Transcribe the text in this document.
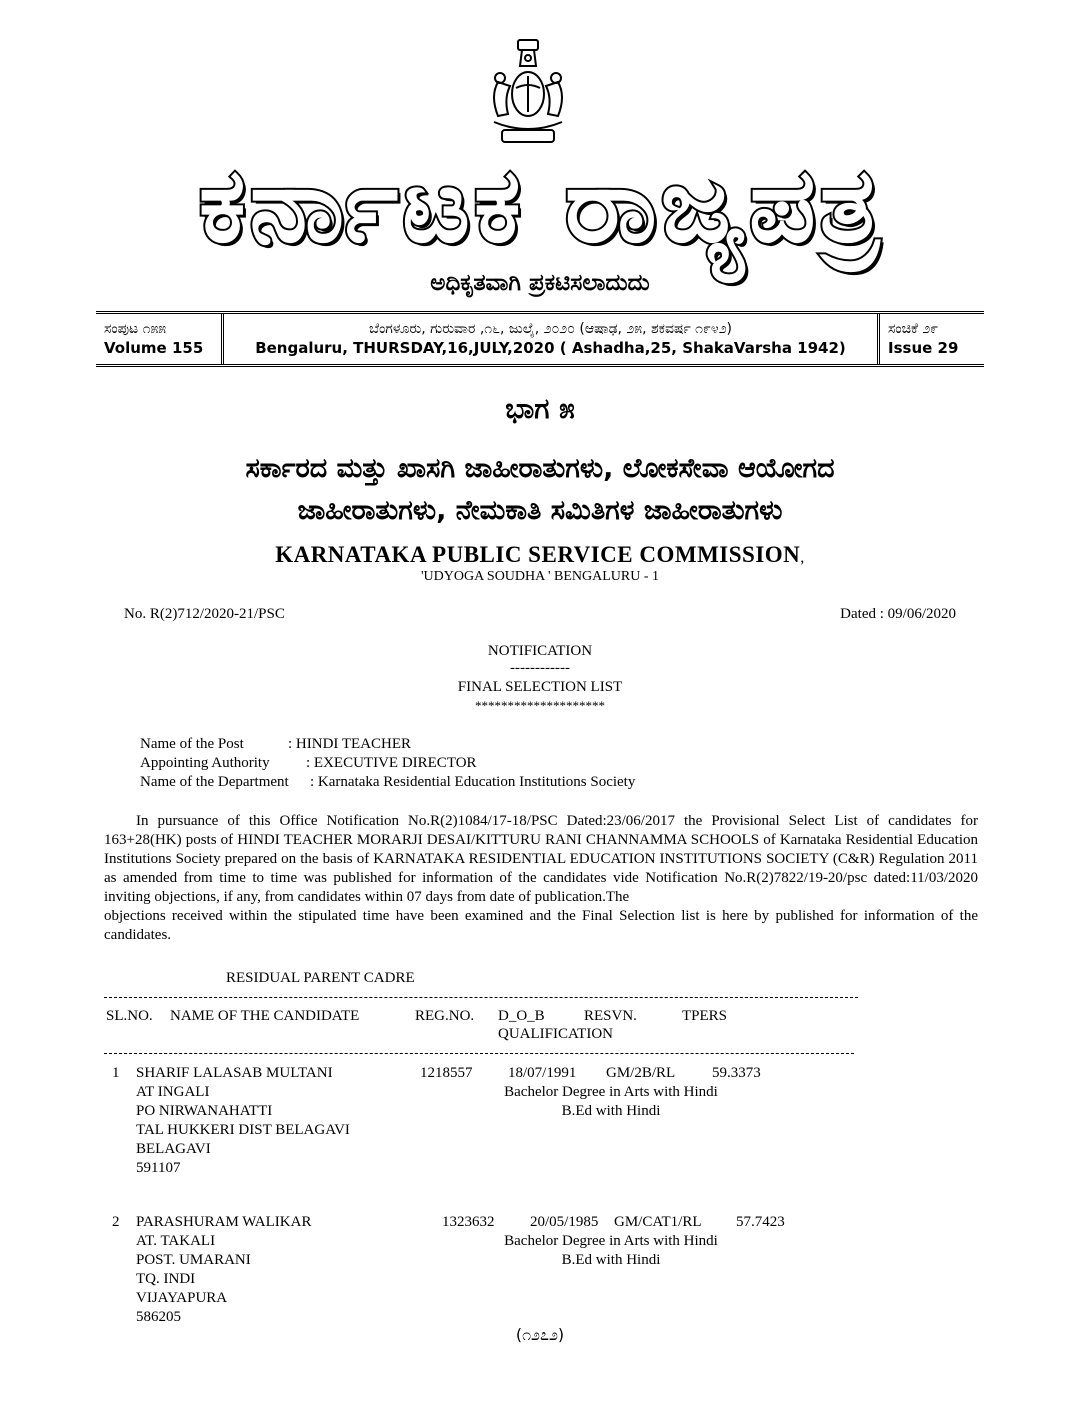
ಕರ್ನಾಟಕ ರಾಜ್ಯಪತ್ರ
ಅಧಿಕೃತವಾಗಿ ಪ್ರಕಟಿಸಲಾದುದು
ಸಂಪುಟ ೧೫೫
Volume 155
ಬೆಂಗಳೂರು, ಗುರುವಾರ ,೧೬, ಜುಲೈ, ೨೦೨೦ (ಆಷಾಢ, ೨೫, ಶಕವರ್ಷ ೧೯೪೨)
Bengaluru, THURSDAY,16,JULY,2020 ( Ashadha,25, ShakaVarsha 1942)
ಸಂಚಿಕೆ ೨೯
Issue 29
ಭಾಗ ೫
ಸರ್ಕಾರದ ಮತ್ತು ಖಾಸಗಿ ಜಾಹೀರಾತುಗಳು, ಲೋಕಸೇವಾ ಆಯೋಗದ
ಜಾಹೀರಾತುಗಳು, ನೇಮಕಾತಿ ಸಮಿತಿಗಳ ಜಾಹೀರಾತುಗಳು
KARNATAKA PUBLIC SERVICE COMMISSION,
'UDYOGA SOUDHA ' BENGALURU - 1
No. R(2)712/2020-21/PSC	Dated : 09/06/2020
NOTIFICATION
------------
FINAL SELECTION LIST
********************
Name of the Post	: HINDI TEACHER
Appointing Authority : EXECUTIVE DIRECTOR
Name of the Department : Karnataka Residential Education Institutions Society

In pursuance of this Office Notification No.R(2)1084/17-18/PSC Dated:23/06/2017 the Provisional Select List of candidates for 163+28(HK) posts of HINDI TEACHER MORARJI DESAI/KITTURU RANI CHANNAMMA SCHOOLS of Karnataka Residential Education Institutions Society prepared on the basis of KARNATAKA RESIDENTIAL EDUCATION INSTITUTIONS SOCIETY (C&R) Regulation 2011 as amended from time to time was published for information of the candidates vide Notification No.R(2)7822/19-20/psc dated:11/03/2020 inviting objections, if any, from candidates within 07 days from date of publication.The

objections received within the stipulated time have been examined and the Final Selection list is here by published for information of the candidates.

RESIDUAL PARENT CADRE
SL.NO. NAME OF THE CANDIDATE	REG.NO. D_O_B	RESVN.	TPERS
QUALIFICATION
1 SHARIF LALASAB MULTANI
AT INGALI
PO NIRWANAHATTI
TAL HUKKERI DIST BELAGAVI
BELAGAVI
591107
1218557 18/07/1991 GM/2B/RL 59.3373
Bachelor Degree in Arts with Hindi
B.Ed with Hindi
2 PARASHURAM WALIKAR
AT. TAKALI
POST. UMARANI
TQ. INDI
VIJAYAPURA
586205
1323632 20/05/1985 GM/CAT1/RL 57.7423
Bachelor Degree in Arts with Hindi
B.Ed with Hindi
(೧೨೭೨)
